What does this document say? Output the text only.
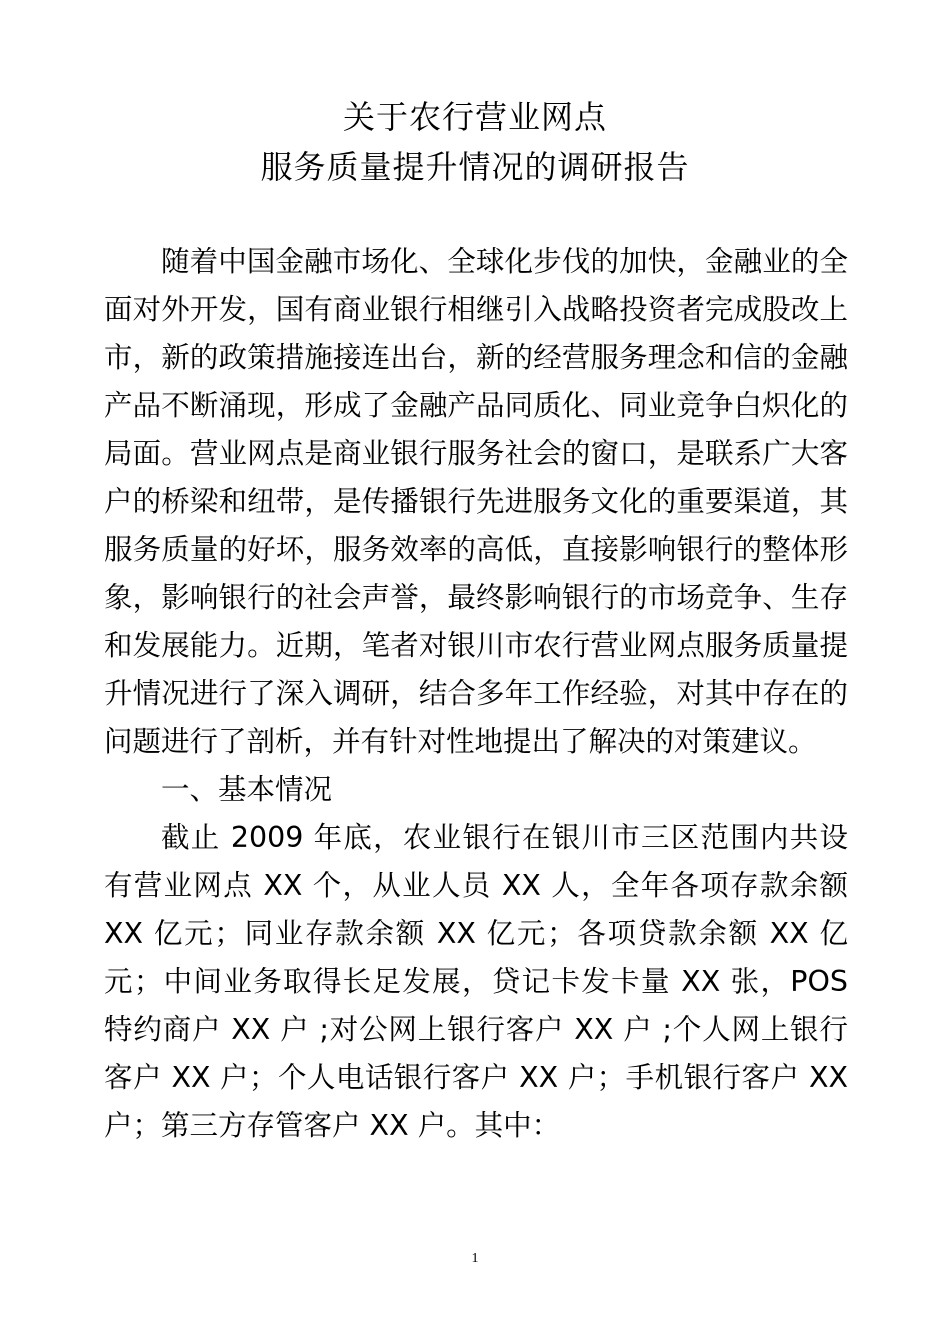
关于农行营业网点
服务质量提升情况的调研报告

随着中国金融市场化、全球化步伐的加快，金融业的全面对外开发，国有商业银行相继引入战略投资者完成股改上市，新的政策措施接连出台，新的经营服务理念和信的金融产品不断涌现，形成了金融产品同质化、同业竞争白炽化的局面。营业网点是商业银行服务社会的窗口，是联系广大客户的桥梁和纽带，是传播银行先进服务文化的重要渠道，其服务质量的好坏，服务效率的高低，直接影响银行的整体形象，影响银行的社会声誉，最终影响银行的市场竞争、生存和发展能力。近期，笔者对银川市农行营业网点服务质量提升情况进行了深入调研，结合多年工作经验，对其中存在的问题进行了剖析，并有针对性地提出了解决的对策建议。

一、基本情况

截止 2009 年底，农业银行在银川市三区范围内共设有营业网点 XX 个，从业人员 XX 人，全年各项存款余额 XX 亿元；同业存款余额 XX 亿元；各项贷款余额 XX 亿元；中间业务取得长足发展，贷记卡发卡量 XX 张，POS 特约商户 XX 户 ;对公网上银行客户 XX 户 ;个人网上银行客户 XX 户；个人电话银行客户 XX 户；手机银行客户 XX 户；第三方存管客户 XX 户。其中：

1
